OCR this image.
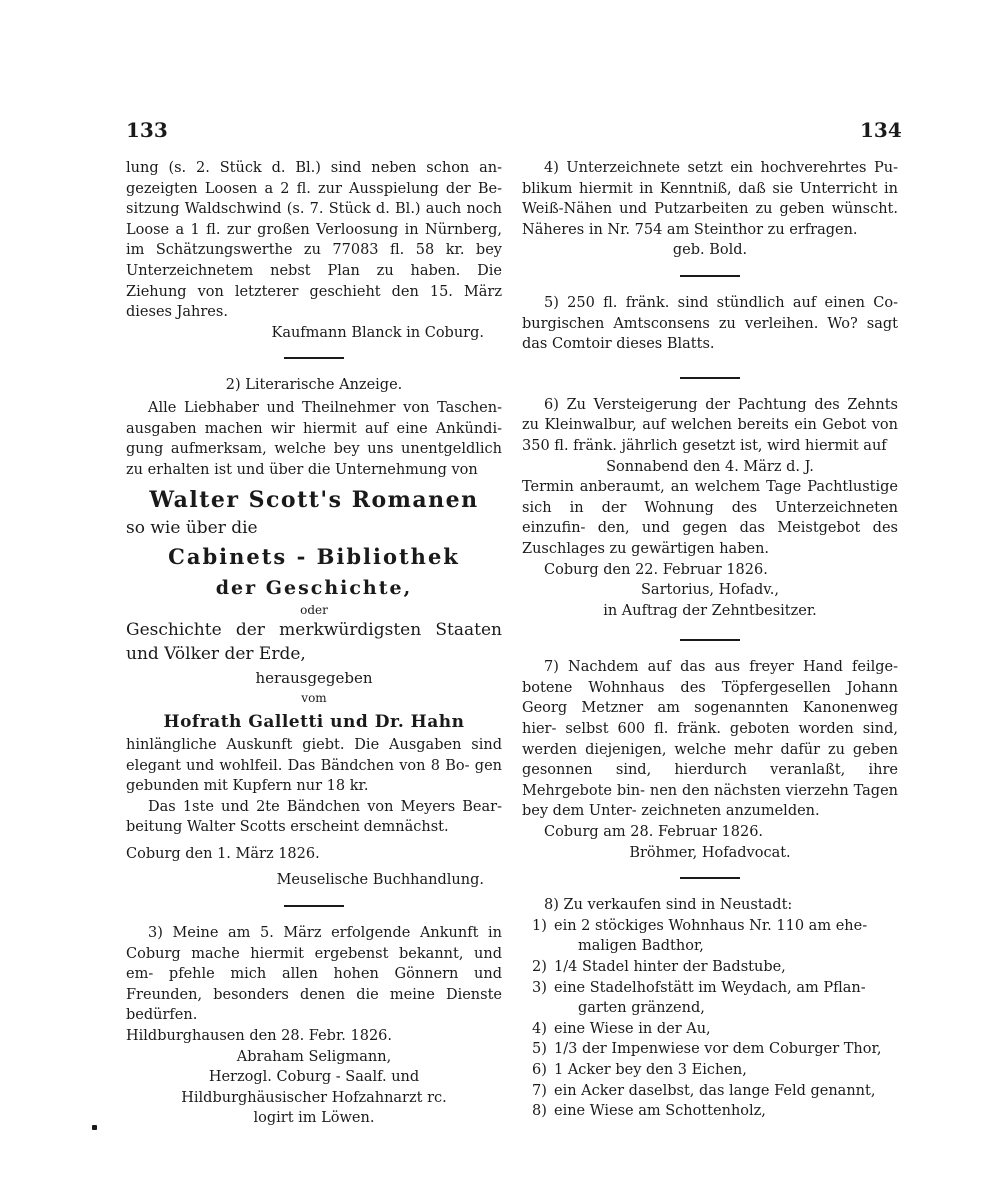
133	134

lung (s. 2. Stück d. Bl.) sind neben schon an- gezeigten Loosen a 2 fl. zur Ausspielung der Be- sitzung Waldschwind (s. 7. Stück d. Bl.) auch noch Loose a 1 fl. zur großen Verloosung in Nürnberg, im Schätzungswerthe zu 77083 fl. 58 kr. bey Unterzeichnetem nebst Plan zu haben. Die Ziehung von letzterer geschieht den 15. März dieses Jahres.

Kaufmann Blanck in Coburg.

2) Literarische Anzeige.

Alle Liebhaber und Theilnehmer von Taschen- ausgaben machen wir hiermit auf eine Ankündi- gung aufmerksam, welche bey uns unentgeldlich zu erhalten ist und über die Unternehmung von

Walter Scott's Romanen

so wie über die

Cabinets - Bibliothek

der Geschichte,

oder

Geschichte der merkwürdigsten Staaten und Völker der Erde,

herausgegeben

vom

Hofrath Galletti und Dr. Hahn

hinlängliche Auskunft giebt. Die Ausgaben sind elegant und wohlfeil. Das Bändchen von 8 Bo- gen gebunden mit Kupfern nur 18 kr.

Das 1ste und 2te Bändchen von Meyers Bear- beitung Walter Scotts erscheint demnächst.

Coburg den 1. März 1826.

Meuselische Buchhandlung.

3) Meine am 5. März erfolgende Ankunft in Coburg mache hiermit ergebenst bekannt, und em- pfehle mich allen hohen Gönnern und Freunden, besonders denen die meine Dienste bedürfen.

Hildburghausen den 28. Febr. 1826.

Abraham Seligmann,

Herzogl. Coburg - Saalf. und

Hildburghäusischer Hofzahnarzt rc.

logirt im Löwen.

4) Unterzeichnete setzt ein hochverehrtes Pu- blikum hiermit in Kenntniß, daß sie Unterricht in Weiß-Nähen und Putzarbeiten zu geben wünscht. Näheres in Nr. 754 am Steinthor zu erfragen.

geb. Bold.

5) 250 fl. fränk. sind stündlich auf einen Co- burgischen Amtsconsens zu verleihen. Wo? sagt das Comtoir dieses Blatts.

6) Zu Versteigerung der Pachtung des Zehnts zu Kleinwalbur, auf welchen bereits ein Gebot von 350 fl. fränk. jährlich gesetzt ist, wird hiermit auf

Sonnabend den 4. März d. J.

Termin anberaumt, an welchem Tage Pachtlustige sich in der Wohnung des Unterzeichneten einzufin- den, und gegen das Meistgebot des Zuschlages zu gewärtigen haben.

Coburg den 22. Februar 1826.

Sartorius, Hofadv.,

in Auftrag der Zehntbesitzer.

7) Nachdem auf das aus freyer Hand feilge- botene Wohnhaus des Töpfergesellen Johann Georg Metzner am sogenannten Kanonenweg hier- selbst 600 fl. fränk. geboten worden sind, werden diejenigen, welche mehr dafür zu geben gesonnen sind, hierdurch veranlaßt, ihre Mehrgebote bin- nen den nächsten vierzehn Tagen bey dem Unter- zeichneten anzumelden.

Coburg am 28. Februar 1826.

Bröhmer, Hofadvocat.

8) Zu verkaufen sind in Neustadt:

1) ein 2 stöckiges Wohnhaus Nr. 110 am ehe-
maligen Badthor,
2) 1/4 Stadel hinter der Badstube,
3) eine Stadelhofstätt im Weydach, am Pflan-
garten gränzend,
4) eine Wiese in der Au,
5) 1/3 der Impenwiese vor dem Coburger Thor,
6) 1 Acker bey den 3 Eichen,
7) ein Acker daselbst, das lange Feld genannt,
8) eine Wiese am Schottenholz,
